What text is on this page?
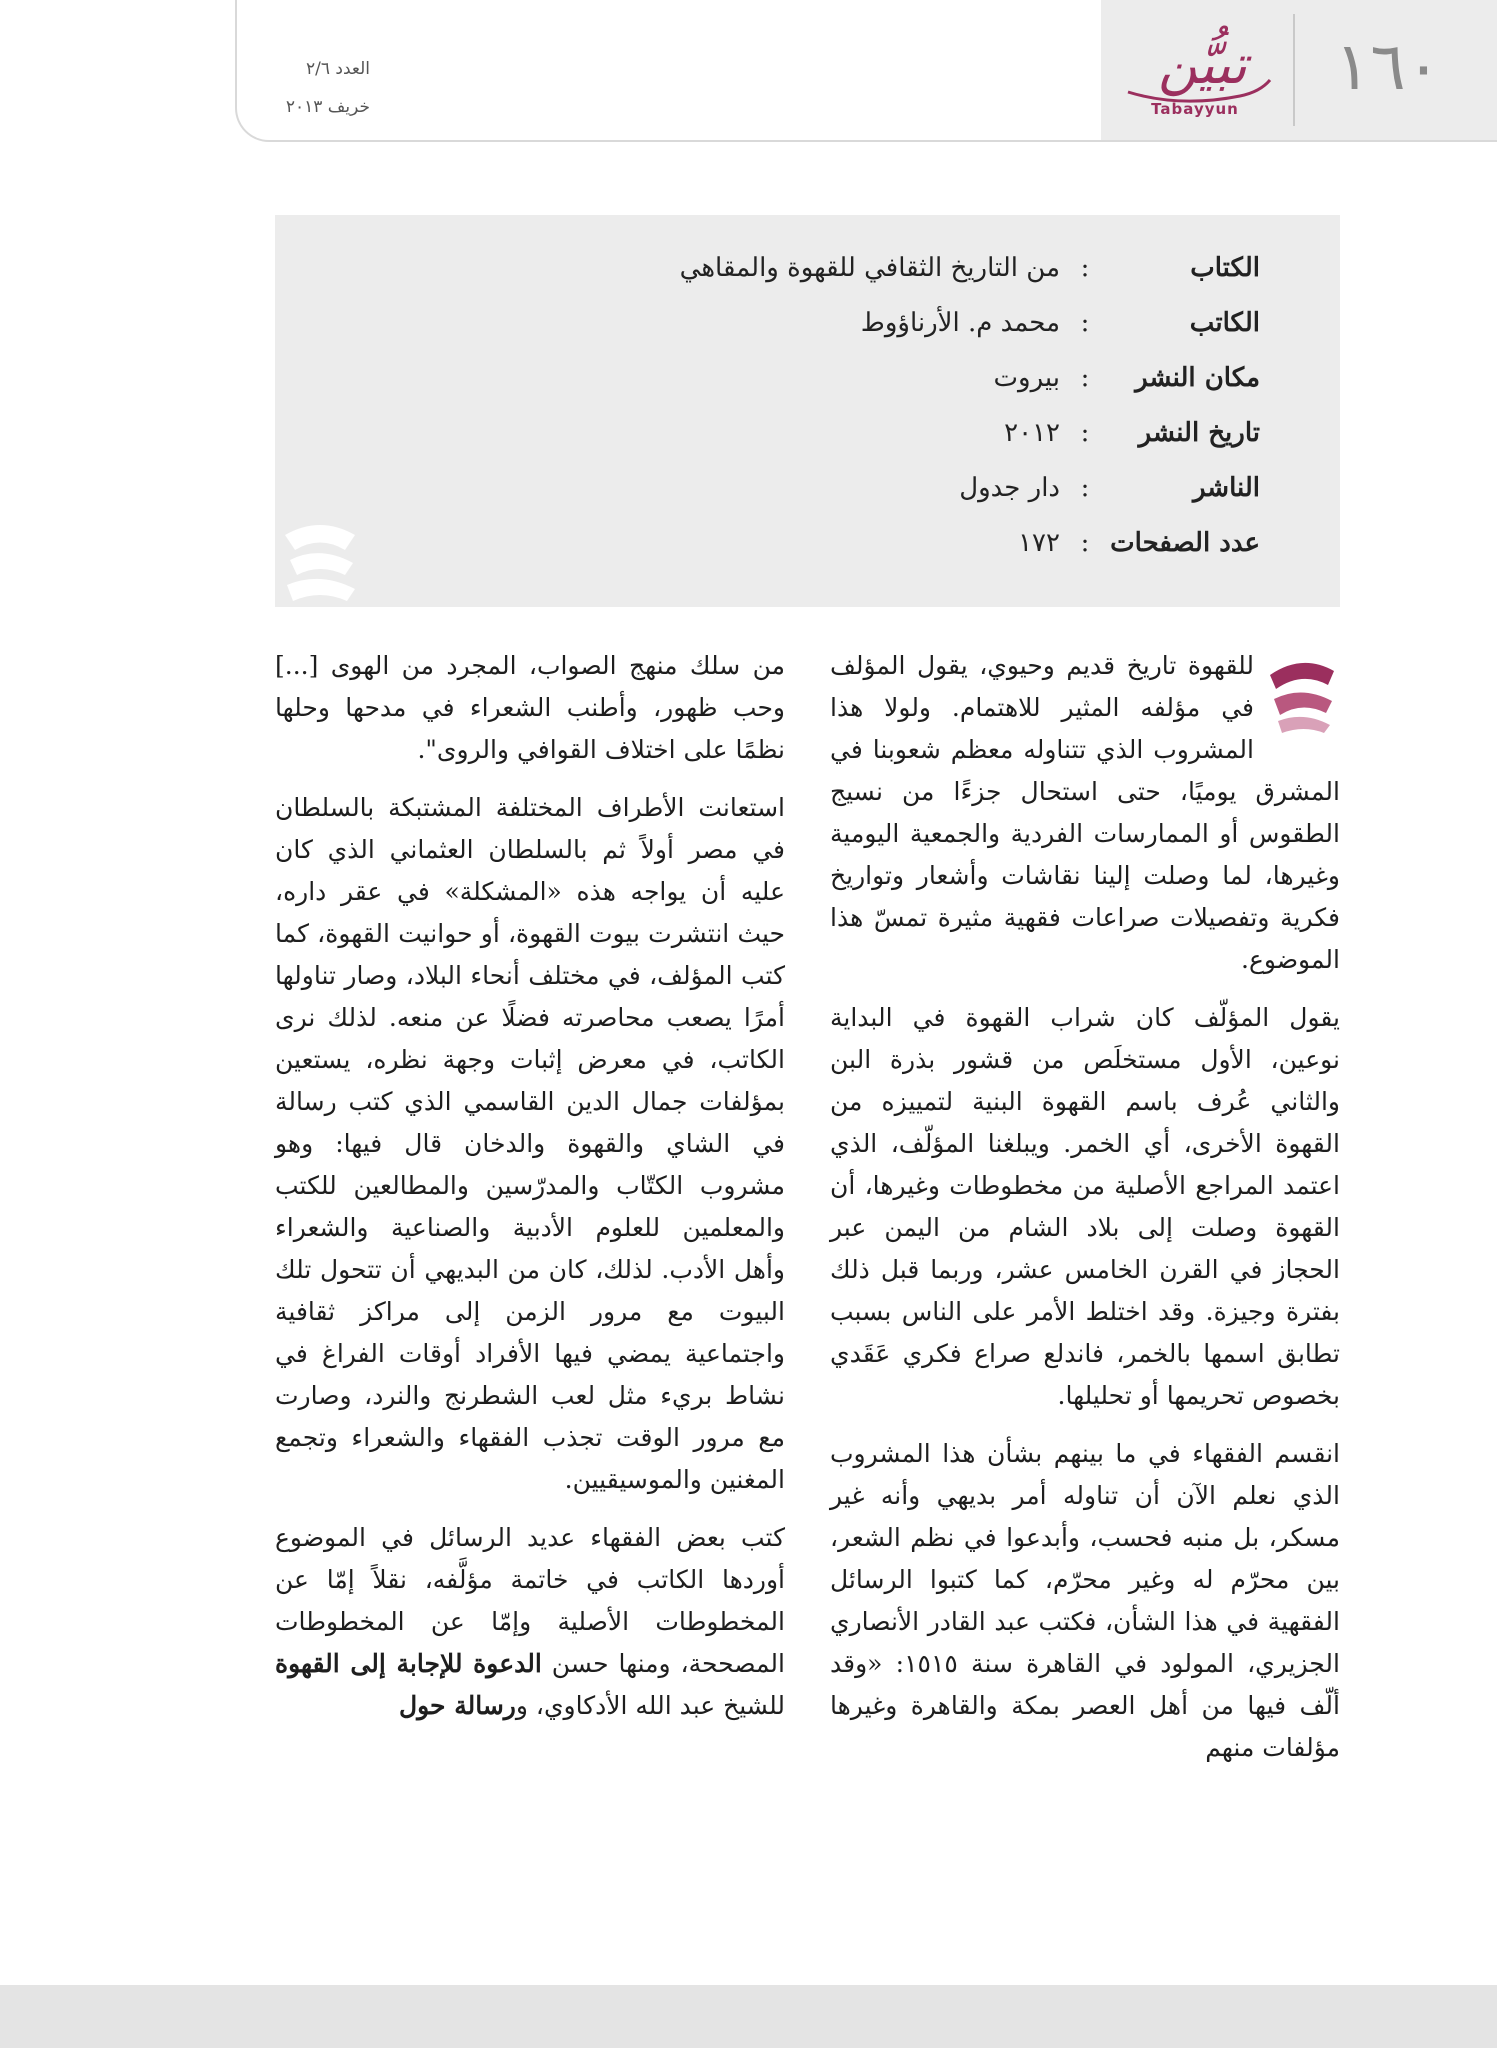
١٦٠
تبيُّن
Tabayyun
العدد ٢/٦
خريف ٢٠١٣
الكتاب
:
من التاريخ الثقافي للقهوة والمقاهي
الكاتب
:
محمد م. الأرناؤوط
مكان النشر
:
بيروت
تاريخ النشر
:
٢٠١٢
الناشر
:
دار جدول
عدد الصفحات
:
١٧٢

للقهوة تاريخ قديم وحيوي، يقول المؤلف في مؤلفه المثير للاهتمام. ولولا هذا المشروب الذي تتناوله معظم شعوبنا في المشرق يوميًا، حتى استحال جزءًا من نسيج الطقوس أو الممارسات الفردية والجمعية اليومية وغيرها، لما وصلت إلينا نقاشات وأشعار وتواريخ فكرية وتفصيلات صراعات فقهية مثيرة تمسّ هذا الموضوع.

يقول المؤلّف كان شراب القهوة في البداية نوعين، الأول مستخلَص من قشور بذرة البن والثاني عُرف باسم القهوة البنية لتمييزه من القهوة الأخرى، أي الخمر. ويبلغنا المؤلّف، الذي اعتمد المراجع الأصلية من مخطوطات وغيرها، أن القهوة وصلت إلى بلاد الشام من اليمن عبر الحجاز في القرن الخامس عشر، وربما قبل ذلك بفترة وجيزة. وقد اختلط الأمر على الناس بسبب تطابق اسمها بالخمر، فاندلع صراع فكري عَقَدي بخصوص تحريمها أو تحليلها.

انقسم الفقهاء في ما بينهم بشأن هذا المشروب الذي نعلم الآن أن تناوله أمر بديهي وأنه غير مسكر، بل منبه فحسب، وأبدعوا في نظم الشعر، بين محرّم له وغير محرّم، كما كتبوا الرسائل الفقهية في هذا الشأن، فكتب عبد القادر الأنصاري الجزيري، المولود في القاهرة سنة ١٥١٥: «وقد ألّف فيها من أهل العصر بمكة والقاهرة وغيرها مؤلفات منهم

من سلك منهج الصواب، المجرد من الهوى [...] وحب ظهور، وأطنب الشعراء في مدحها وحلها نظمًا على اختلاف القوافي والروى".

استعانت الأطراف المختلفة المشتبكة بالسلطان في مصر أولاً ثم بالسلطان العثماني الذي كان عليه أن يواجه هذه «المشكلة» في عقر داره، حيث انتشرت بيوت القهوة، أو حوانيت القهوة، كما كتب المؤلف، في مختلف أنحاء البلاد، وصار تناولها أمرًا يصعب محاصرته فضلًا عن منعه. لذلك نرى الكاتب، في معرض إثبات وجهة نظره، يستعين بمؤلفات جمال الدين القاسمي الذي كتب رسالة في الشاي والقهوة والدخان قال فيها: وهو مشروب الكتّاب والمدرّسين والمطالعين للكتب والمعلمين للعلوم الأدبية والصناعية والشعراء وأهل الأدب. لذلك، كان من البديهي أن تتحول تلك البيوت مع مرور الزمن إلى مراكز ثقافية واجتماعية يمضي فيها الأفراد أوقات الفراغ في نشاط بريء مثل لعب الشطرنج والنرد، وصارت مع مرور الوقت تجذب الفقهاء والشعراء وتجمع المغنين والموسيقيين.

كتب بعض الفقهاء عديد الرسائل في الموضوع أوردها الكاتب في خاتمة مؤلَّفه، نقلاً إمّا عن المخطوطات الأصلية وإمّا عن المخطوطات المصححة، ومنها حسن الدعوة للإجابة إلى القهوة للشيخ عبد الله الأدكاوي، ورسالة حول
